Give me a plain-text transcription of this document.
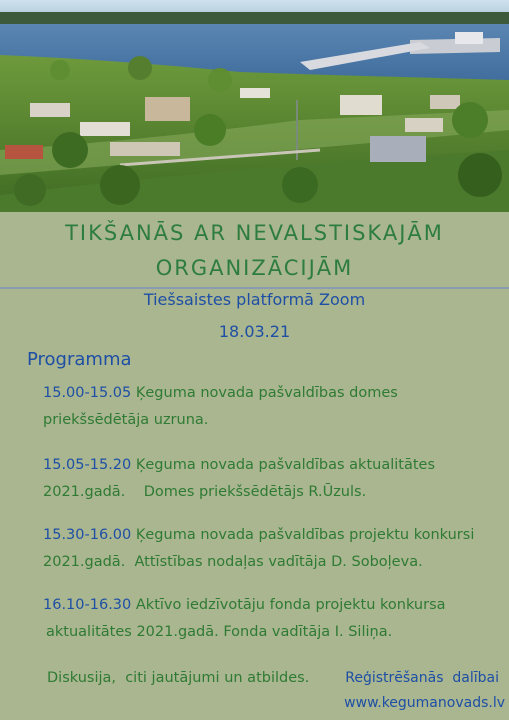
TIKŠANĀS AR NEVALSTISKAJĀM
ORGANIZĀCIJĀM
Tiešsaistes platformā Zoom
18.03.21
Programma
15.00-15.05 Ķeguma novada pašvaldības domes
priekšsēdētāja uzruna.
15.05-15.20 Ķeguma novada pašvaldības aktualitātes
2021.gadā.    Domes priekšsēdētājs R.Ūzuls.
15.30-16.00 Ķeguma novada pašvaldības projektu konkursi
2021.gadā.  Attīstības nodaļas vadītāja D. Soboļeva.
16.10-16.30 Aktīvo iedzīvotāju fonda projektu konkursa
aktualitātes 2021.gadā. Fonda vadītāja I. Siliņa.
Diskusija,  citi jautājumi un atbildes.	Reģistrēšanās  dalībai
www.kegumanovads.lv
